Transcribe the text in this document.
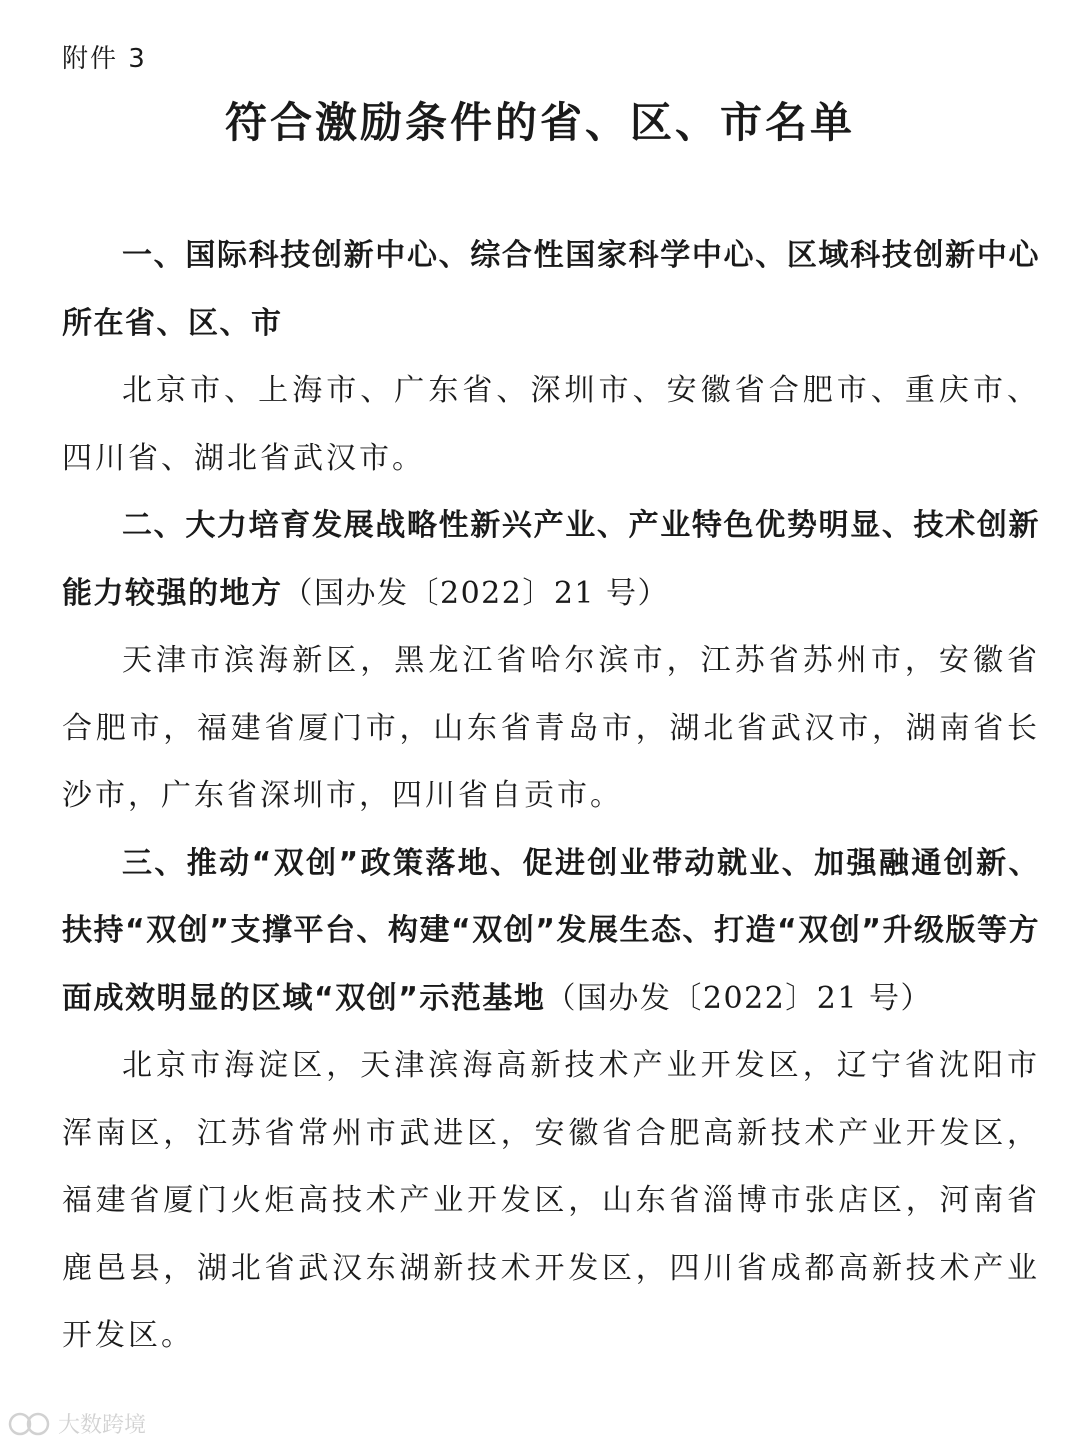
附件 3
符合激励条件的省、区、市名单

一、国际科技创新中心、综合性国家科学中心、区域科技创新中心所在省、区、市

北京市、上海市、广东省、深圳市、安徽省合肥市、重庆市、四川省、湖北省武汉市。

二、大力培育发展战略性新兴产业、产业特色优势明显、技术创新能力较强的地方（国办发〔2022〕21 号）

天津市滨海新区，黑龙江省哈尔滨市，江苏省苏州市，安徽省合肥市，福建省厦门市，山东省青岛市，湖北省武汉市，湖南省长沙市，广东省深圳市，四川省自贡市。

三、推动“双创”政策落地、促进创业带动就业、加强融通创新、扶持“双创”支撑平台、构建“双创”发展生态、打造“双创”升级版等方面成效明显的区域“双创”示范基地（国办发〔2022〕21 号）

北京市海淀区，天津滨海高新技术产业开发区，辽宁省沈阳市浑南区，江苏省常州市武进区，安徽省合肥高新技术产业开发区，福建省厦门火炬高技术产业开发区，山东省淄博市张店区，河南省鹿邑县，湖北省武汉东湖新技术开发区，四川省成都高新技术产业开发区。

大数跨境
